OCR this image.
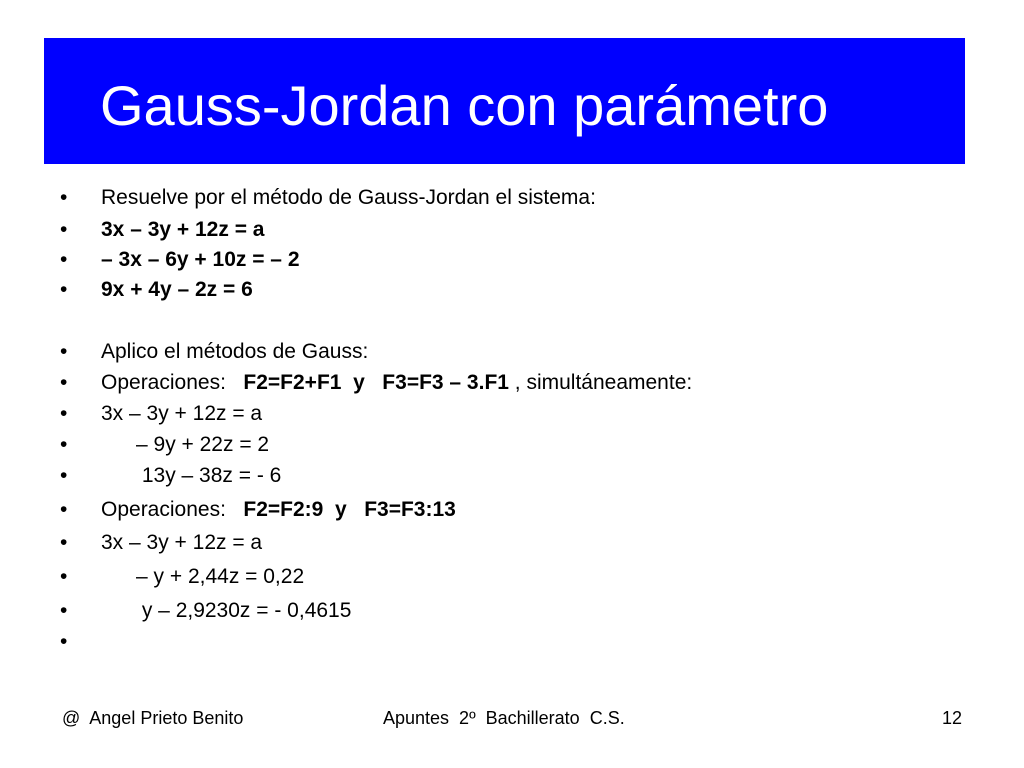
Gauss-Jordan con parámetro
• Resuelve por el método de Gauss-Jordan el sistema:
• 3x – 3y + 12z = a
• – 3x – 6y + 10z = – 2
• 9x + 4y – 2z = 6
• Aplico el métodos de Gauss:
• Operaciones:   F2=F2+F1  y   F3=F3 – 3.F1 , simultáneamente:
• 3x – 3y + 12z = a
• – 9y + 22z = 2
• 13y – 38z = - 6
• Operaciones:   F2=F2:9  y   F3=F3:13
• 3x – 3y + 12z = a
• – y + 2,44z = 0,22
• y – 2,9230z = - 0,4615
•
@  Angel Prieto Benito	Apuntes  2º  Bachillerato  C.S.	12
